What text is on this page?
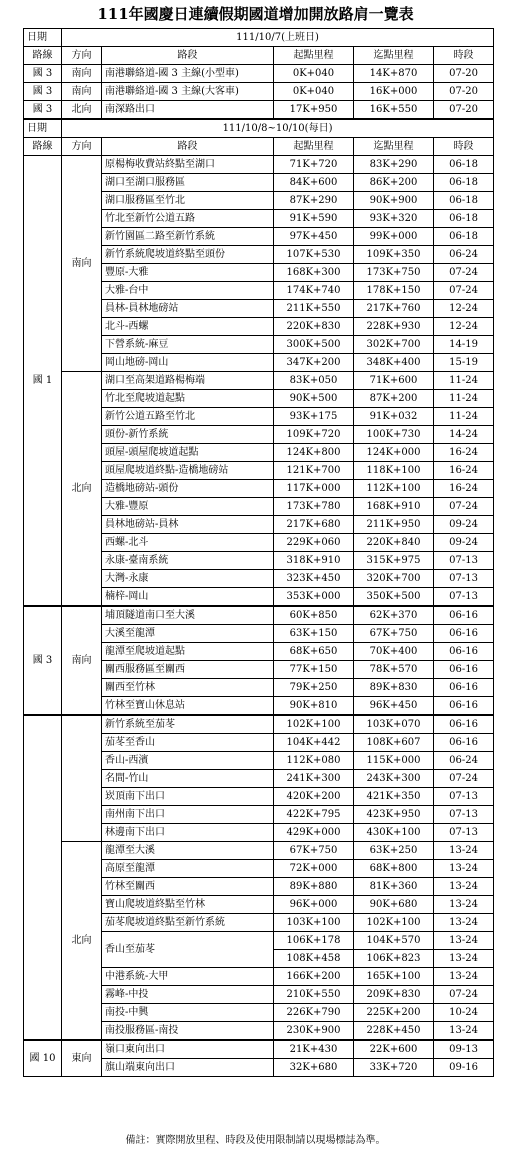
111年國慶日連續假期國道增加開放路肩一覽表
日期	111/10/7(上班日)				
路線	方向	路段	起點里程	迄點里程	時段
國 3	南向	南港聯絡道-國 3 主線(小型車)	0K+040	14K+870	07-20
國 3	南向	南港聯絡道-國 3 主線(大客車)	0K+040	16K+000	07-20
國 3	北向	南深路出口	17K+950	16K+550	07-20
日期	111/10/8~10/10(每日)				
路線	方向	路段	起點里程	迄點里程	時段
國 1	南向	原楊梅收費站終點至湖口	71K+720	83K+290	06-18
		湖口至湖口服務區	84K+600	86K+200	06-18
		湖口服務區至竹北	87K+290	90K+900	06-18
		竹北至新竹公道五路	91K+590	93K+320	06-18
		新竹園區二路至新竹系統	97K+450	99K+000	06-18
		新竹系統爬坡道終點至頭份	107K+530	109K+350	06-24
		豐原-大雅	168K+300	173K+750	07-24
		大雅-台中	174K+740	178K+150	07-24
		員林-員林地磅站	211K+550	217K+760	12-24
		北斗-西螺	220K+830	228K+930	12-24
		下營系統-麻豆	300K+500	302K+700	14-19
		岡山地磅-岡山	347K+200	348K+400	15-19
	北向	湖口至高架道路楊梅端	83K+050	71K+600	11-24
		竹北至爬坡道起點	90K+500	87K+200	11-24
		新竹公道五路至竹北	93K+175	91K+032	11-24
		頭份-新竹系統	109K+720	100K+730	14-24
		頭屋-頭屋爬坡道起點	124K+800	124K+000	16-24
		頭屋爬坡道終點-造橋地磅站	121K+700	118K+100	16-24
		造橋地磅站-頭份	117K+000	112K+100	16-24
		大雅-豐原	173K+780	168K+910	07-24
		員林地磅站-員林	217K+680	211K+950	09-24
		西螺-北斗	229K+060	220K+840	09-24
		永康-臺南系統	318K+910	315K+975	07-13
		大灣-永康	323K+450	320K+700	07-13
		楠梓-岡山	353K+000	350K+500	07-13
國 3	南向	埔頂隧道南口至大溪	60K+850	62K+370	06-16
		大溪至龍潭	63K+150	67K+750	06-16
		龍潭至爬坡道起點	68K+650	70K+400	06-16
		關西服務區至關西	77K+150	78K+570	06-16
		關西至竹林	79K+250	89K+830	06-16
		竹林至寶山休息站	90K+810	96K+450	06-16
		新竹系統至茄苳	102K+100	103K+070	06-16
		茄苳至香山	104K+442	108K+607	06-16
		香山-西濱	112K+080	115K+000	06-24
		名間-竹山	241K+300	243K+300	07-24
		崁頂南下出口	420K+200	421K+350	07-13
		南州南下出口	422K+795	423K+950	07-13
		林邊南下出口	429K+000	430K+100	07-13
	北向	龍潭至大溪	67K+750	63K+250	13-24
		高原至龍潭	72K+000	68K+800	13-24
		竹林至關西	89K+880	81K+360	13-24
		寶山爬坡道終點至竹林	96K+000	90K+680	13-24
		茄苳爬坡道終點至新竹系統	103K+100	102K+100	13-24
		香山至茄苳	106K+178	104K+570	13-24
			108K+458	106K+823	13-24
		中港系統-大甲	166K+200	165K+100	13-24
		霧峰-中投	210K+550	209K+830	07-24
		南投-中興	226K+790	225K+200	10-24
		南投服務區-南投	230K+900	228K+450	13-24
國 10	東向	嶺口東向出口	21K+430	22K+600	09-13
		旗山端東向出口	32K+680	33K+720	09-16
備註：實際開放里程、時段及使用限制請以現場標誌為準。
